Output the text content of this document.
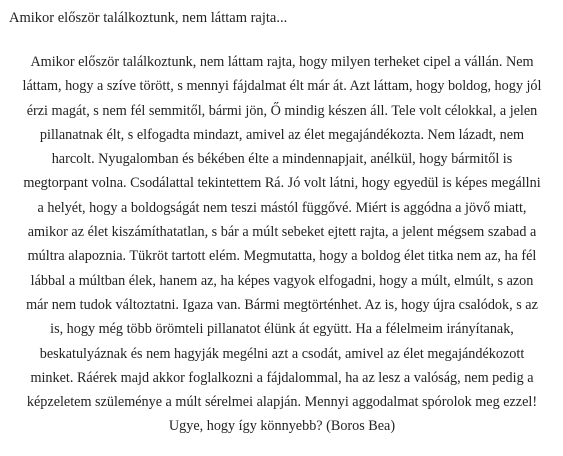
Amikor először találkoztunk, nem láttam rajta...
Amikor először találkoztunk, nem láttam rajta, hogy milyen terheket cipel a vállán. Nem
láttam, hogy a szíve törött, s mennyi fájdalmat élt már át. Azt láttam, hogy boldog, hogy jól
érzi magát, s nem fél semmitől, bármi jön, Ő mindig készen áll. Tele volt célokkal, a jelen
pillanatnak élt, s elfogadta mindazt, amivel az élet megajándékozta. Nem lázadt, nem
harcolt. Nyugalomban és békében élte a mindennapjait, anélkül, hogy bármitől is
megtorpant volna. Csodálattal tekintettem Rá. Jó volt látni, hogy egyedül is képes megállni
a helyét, hogy a boldogságát nem teszi mástól függővé. Miért is aggódna a jövő miatt,
amikor az élet kiszámíthatatlan, s bár a múlt sebeket ejtett rajta, a jelent mégsem szabad a
múltra alapoznia. Tükröt tartott elém. Megmutatta, hogy a boldog élet titka nem az, ha fél
lábbal a múltban élek, hanem az, ha képes vagyok elfogadni, hogy a múlt, elmúlt, s azon
már nem tudok változtatni. Igaza van. Bármi megtörténhet. Az is, hogy újra csalódok, s az
is, hogy még több örömteli pillanatot élünk át együtt. Ha a félelmeim irányítanak,
beskatulyáznak és nem hagyják megélni azt a csodát, amivel az élet megajándékozott
minket. Ráérek majd akkor foglalkozni a fájdalommal, ha az lesz a valóság, nem pedig a
képzeletem szüleménye a múlt sérelmei alapján. Mennyi aggodalmat spórolok meg ezzel!
Ugye, hogy így könnyebb? (Boros Bea)
